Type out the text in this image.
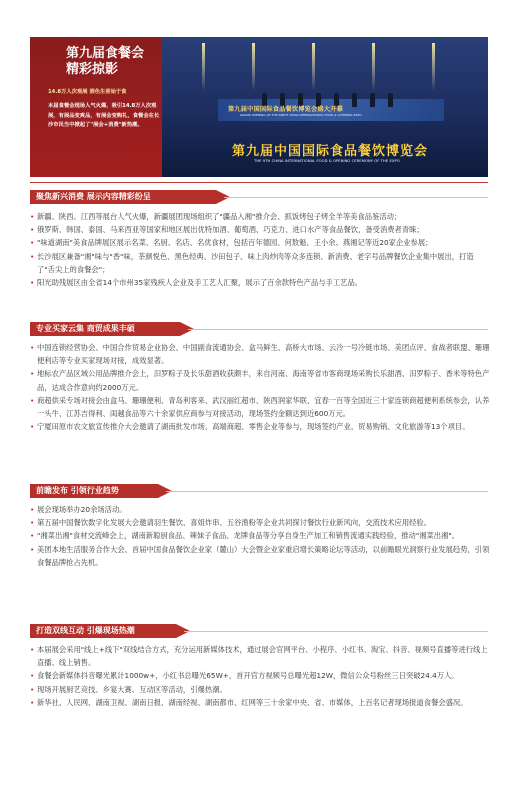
第九届食餐会
精彩掠影
14.8万人次观展 酒色生香始于食
本届食餐会现场人气火爆，吸引14.8万人次观展，有展品变爽品，有展会变购礼，食餐会在长沙市民当中掀起了"展会+消费"新热潮。
第九届中国国际食品餐饮博览会盛大开幕
GRAND OPENING OF THE NINTH CHINA INTERNATIONAL FOOD & CATERING EXPO
第九届中国国际食品餐饮博览会
THE 9TH CHINA INTERNATIONAL FOOD & OPENING CEREMONY OF THE EXPO
聚焦新兴消费 展示内容精彩纷呈
• 新疆、陕西、江西等展台人气火爆，新疆展团现场组织了"疆品入湘"推介会、抓饭烤包子烤全羊等美食品鉴活动；
• 俄罗斯、韩国、泰国、马来西亚等国家和地区展出优特加酒、葡萄酒、巧克力、进口水产等食品餐饮，备受消费者青睐；
• "味道湖南"美食品牌展区展示名菜、名厨、名店、名优食材，包括百年德园、何敖魁、王小余、燕湘记等近20家企业参展；
• 长沙展区兼备"湘"味与"香"味，茶颜悦色、黑色经典、沙田包子、味上肉炒肉等众多连锁、新消费、老字号品牌餐饮企业集中展出，打造了"舌尖上的食餐会"；
• 阳光助残展区由全省14个市州35家残疾人企业及手工艺人汇聚，展示了百余款特色产品与手工艺品。
专业买家云集 商贸成果丰硕
• 中国连锁经营协会、中国合作贸易企业协会、中国副食流通协会、盒马鲜生、高桥大市场、云冷一号冷链市场、美团点评、食战者联盟、珊珊便利店等专业买家现场对接，成效显著。
• 地标农产品区域公用品牌推介会上，汨罗粽子及长乐甜酒收获颇丰，来自河南、海南等省市客商现场采购长乐甜酒、汨罗粽子、香米等特色产品，达成合作意向约2000万元。
• 商超供采专场对接会由盒马、珊珊便利、青岛利客来、武汉丽红超市、陕西润家华联、宜春一百等全国近三十家连锁商超便利系统参会，认养一头牛、江苏吉得利、闺越食品等六十余家供应商参与对接活动，现场签约金额达到近600万元。
• 宁厦田原市农文旅宣传推介大会邀请了湖南批发市场、高端商超、零售企业等参与，现场签约产业、贸易购销、文化旅游等13个项目。
前瞻发布 引领行业趋势
• 展会现场举办20余场活动。
• 第五届中国餐饮数字化发展大会邀请羽生餐饮、喜姐炸串、五谷渔粉等企业共同探讨餐饮行业新风向，交流技术应用经验。
• "湘菜出湘"食材交流峰会上，湖南新聪厨食品、辣妹子食品、龙牌食品等分享自身生产加工和销售流通实践经验，推动"湘菜出湘"。
• 美团本地生活服务合作大会、首届中国食品餐饮企业家（麓山）大会暨企业家重启增长策略论坛等活动，以前瞻眼光洞察行业发展趋势，引领食餐品牌抢占先机。
打造双线互动 引爆现场热潮
• 本届展会采用"线上+线下"双线结合方式，充分运用新媒体技术，通过展会官网平台、小程序、小红书、淘宝、抖音、视频号直播等进行线上直播、线上销售。
• 食餐会新媒体抖音曝光累计1000w+，小红书总曝光65W+，首开官方视频号总曝光超12W，微信公众号粉丝三日突破24.4万人。
• 现场开展厨艺竞技、乡宴大赛、互动区等活动，引爆热潮。
• 新华社、人民网、湖南卫视、湖南日报、湖南经视、湖南都市、红网等三十余家中央、省、市媒体，上百名记者现场报道食餐会盛况。
